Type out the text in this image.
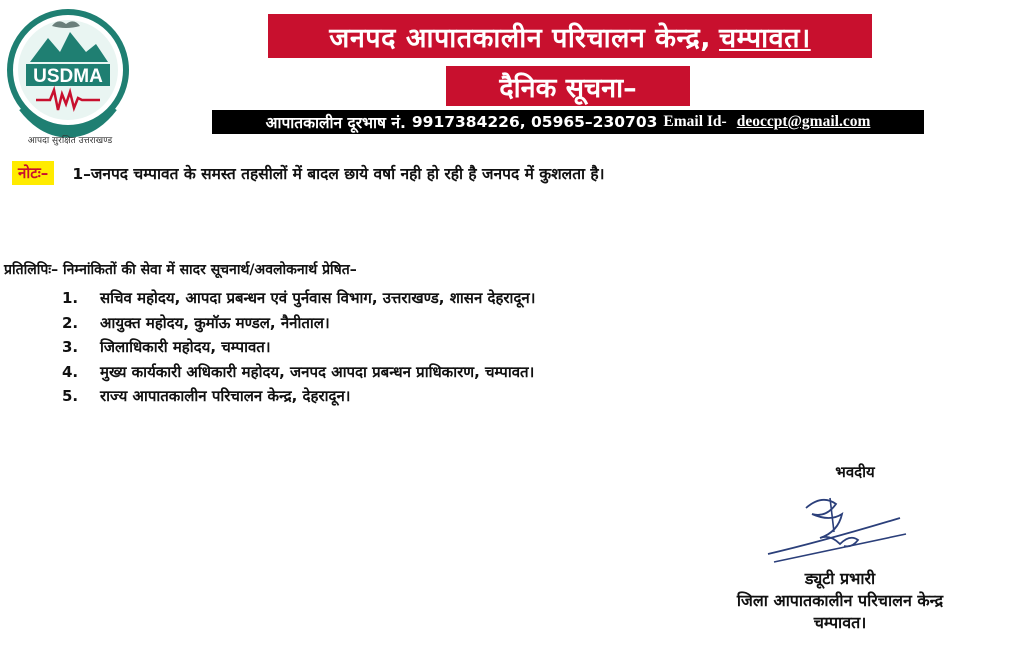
USDMA
आपदा सुरक्षित उत्तराखण्ड
जनपद आपातकालीन परिचालन केन्द्र, चम्पावत।
दैनिक सूचना–
आपातकालीन दूरभाष नं. 9917384226, 05965–230703 Email Id- deoccpt@gmail.com
नोटः–	1–जनपद चम्पावत के समस्त तहसीलों में बादल छाये वर्षा नही हो रही है जनपद में कुशलता है।
प्रतिलिपिः– निम्नांकितों की सेवा में सादर सूचनार्थ/अवलोकनार्थ प्रेषित–
1.	सचिव महोदय, आपदा प्रबन्धन एवं पुर्नवास विभाग, उत्तराखण्ड, शासन देहरादून।
2.	आयुक्त महोदय, कुमॉऊ मण्डल, नैनीताल।
3.	जिलाधिकारी महोदय, चम्पावत।
4.	मुख्य कार्यकारी अधिकारी महोदय, जनपद आपदा प्रबन्धन प्राधिकारण, चम्पावत।
5.	राज्य आपातकालीन परिचालन केन्द्र, देहरादून।
भवदीय
ड्यूटी प्रभारी
जिला आपातकालीन परिचालन केन्द्र
चम्पावत।
